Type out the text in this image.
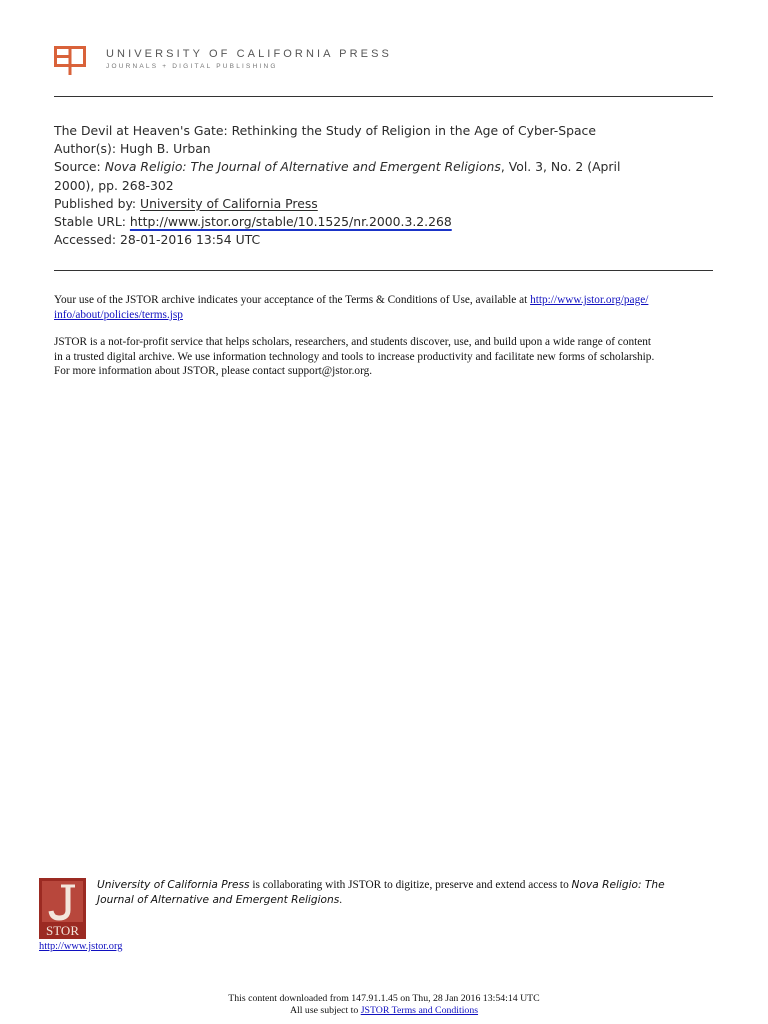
UNIVERSITY OF CALIFORNIA PRESS
JOURNALS + DIGITAL PUBLISHING
The Devil at Heaven's Gate: Rethinking the Study of Religion in the Age of Cyber-Space
Author(s): Hugh B. Urban
Source: Nova Religio: The Journal of Alternative and Emergent Religions, Vol. 3, No. 2 (April
2000), pp. 268-302
Published by: University of California Press
Stable URL: http://www.jstor.org/stable/10.1525/nr.2000.3.2.268
Accessed: 28-01-2016 13:54 UTC
Your use of the JSTOR archive indicates your acceptance of the Terms & Conditions of Use, available at http://www.jstor.org/page/
info/about/policies/terms.jsp
JSTOR is a not-for-profit service that helps scholars, researchers, and students discover, use, and build upon a wide range of content
in a trusted digital archive. We use information technology and tools to increase productivity and facilitate new forms of scholarship.
For more information about JSTOR, please contact support@jstor.org.
STOR
University of California Press is collaborating with JSTOR to digitize, preserve and extend access to Nova Religio: The
Journal of Alternative and Emergent Religions.
http://www.jstor.org
This content downloaded from 147.91.1.45 on Thu, 28 Jan 2016 13:54:14 UTC
All use subject to JSTOR Terms and Conditions
